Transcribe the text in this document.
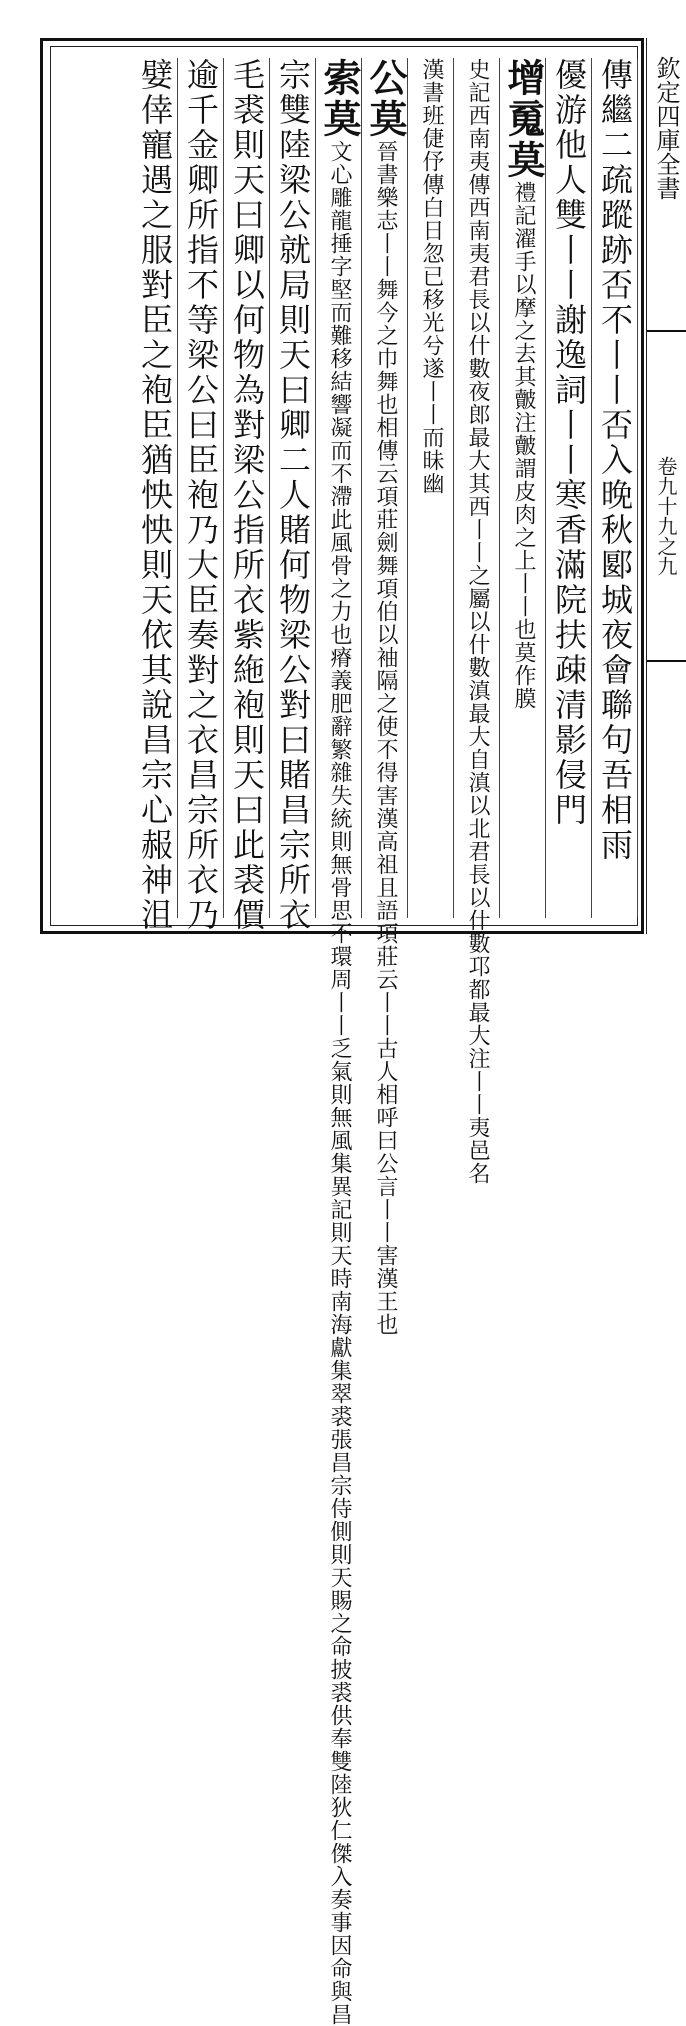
欽定四庫全書
卷九十九之九
傳繼二疏蹤跡否不丨丨否入晚秋郾城夜會聯句吾相雨
優游他人雙丨丨謝逸詞丨丨寒香滿院扶疎清影侵門
增䰟莫禮記濯手以摩之去其皾注皾謂皮肉之上丨丨也莫作膜
史記西南夷傳西南夷君長以什數夜郎最大其西丨丨之屬以什數滇最大自滇以北君長以什數邛都最大注丨丨夷邑名
漢書班倢伃傳白日忽已移光兮遂丨丨而昧幽
公莫晉書樂志丨丨舞今之巾舞也相傳云項莊劍舞項伯以袖隔之使不得害漢高祖且語項莊云丨丨古人相呼曰公言丨丨害漢王也
索莫文心雕龍捶字堅而難移結響凝而不滯此風骨之力也瘠義肥辭繁雜失統則無骨思不環周丨丨乏氣則無風集異記則天時南海獻集翠裘張昌宗侍側則天賜之命披裘供奉雙陸狄仁傑入奏事因命與昌
宗雙陸梁公就局則天曰卿二人賭何物梁公對曰賭昌宗所衣
毛裘則天曰卿以何物為對梁公指所衣紫絁袍則天曰此裘價
逾千金卿所指不等梁公曰臣袍乃大臣奏對之衣昌宗所衣乃
嬖倖寵遇之服對臣之袍臣猶怏怏則天依其說昌宗心赧神沮
